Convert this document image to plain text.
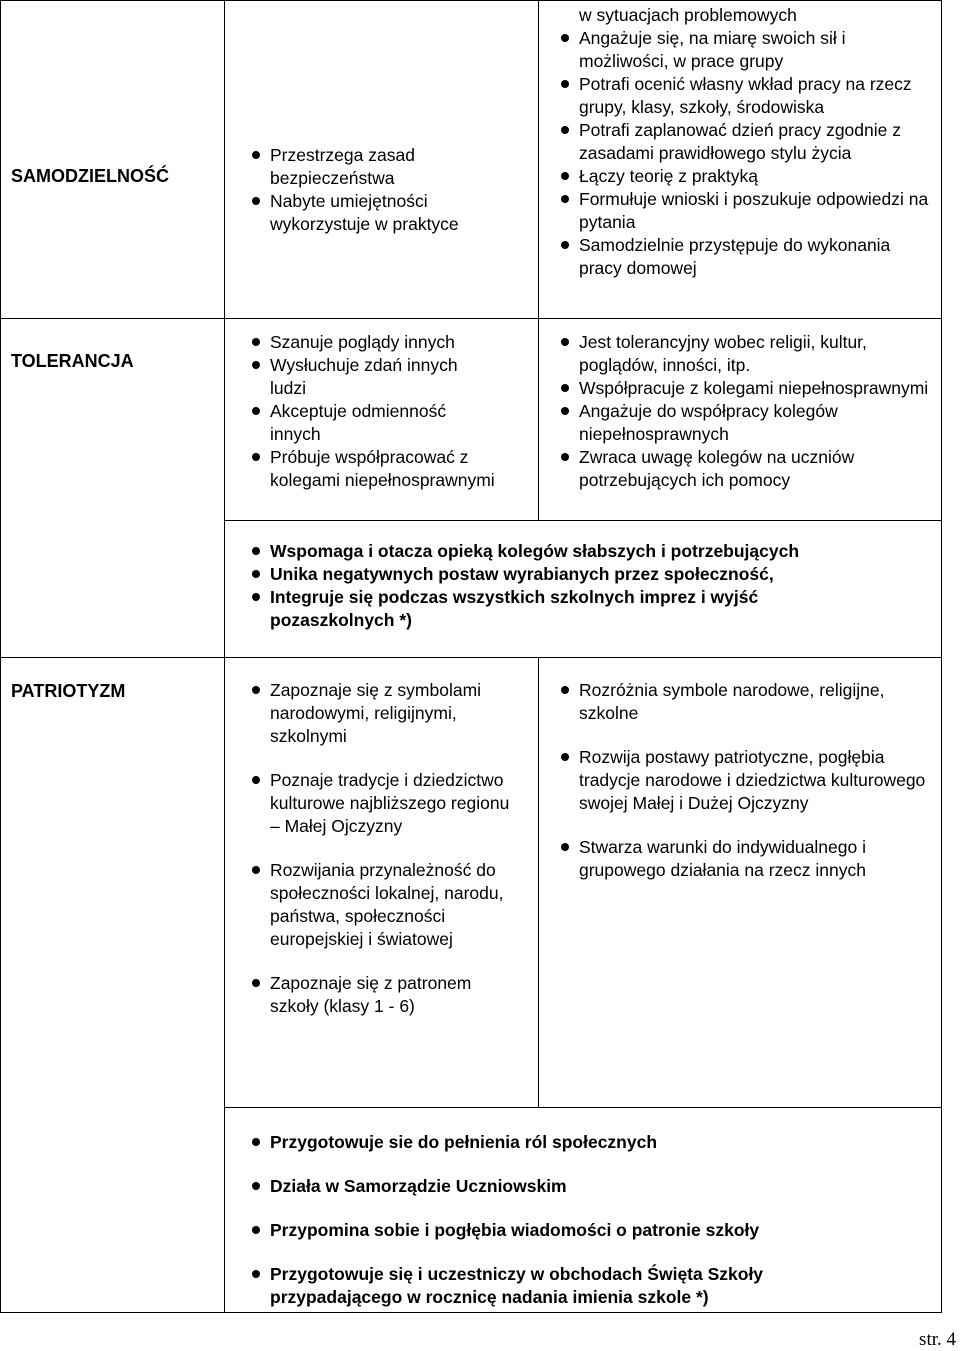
SAMODZIELNOŚĆ
Przestrzega zasad bezpieczeństwa
Nabyte umiejętności wykorzystuje w praktyce
w sytuacjach problemowych
Angażuje się, na miarę swoich sił i możliwości, w prace grupy
Potrafi ocenić własny wkład pracy na rzecz grupy, klasy, szkoły, środowiska
Potrafi zaplanować dzień pracy zgodnie z zasadami prawidłowego stylu życia
Łączy teorię z praktyką
Formułuje wnioski i poszukuje odpowiedzi na pytania
Samodzielnie przystępuje do wykonania pracy domowej
TOLERANCJA
Szanuje poglądy innych
Wysłuchuje zdań innych ludzi
Akceptuje odmienność innych
Próbuje współpracować z kolegami niepełnosprawnymi
Jest tolerancyjny wobec religii, kultur, poglądów, inności, itp.
Współpracuje z kolegami niepełnosprawnymi
Angażuje do współpracy kolegów niepełnosprawnych
Zwraca uwagę kolegów na uczniów potrzebujących ich pomocy
Wspomaga i otacza opieką kolegów słabszych i potrzebujących
Unika negatywnych postaw wyrabianych przez społeczność,
Integruje się podczas wszystkich szkolnych imprez i wyjść pozaszkolnych *)
PATRIOTYZM	Zapoznaje się z symbolami narodowymi, religijnymi, szkolnymi
Poznaje tradycje i dziedzictwo kulturowe najbliższego regionu – Małej Ojczyzny
Rozwijania przynależność do społeczności lokalnej, narodu, państwa, społeczności europejskiej i światowej
Zapoznaje się z patronem szkoły (klasy 1 - 6)
Rozróżnia symbole narodowe, religijne, szkolne
Rozwija postawy patriotyczne, pogłębia tradycje narodowe i dziedzictwa kulturowego swojej Małej i Dużej Ojczyzny
Stwarza warunki do indywidualnego i grupowego działania na rzecz innych
Przygotowuje sie do pełnienia ról społecznych
Działa w Samorządzie Uczniowskim
Przypomina sobie i pogłębia wiadomości o patronie szkoły
Przygotowuje się i uczestniczy w obchodach Święta Szkoły przypadającego w rocznicę nadania imienia szkole *)
str. 4
